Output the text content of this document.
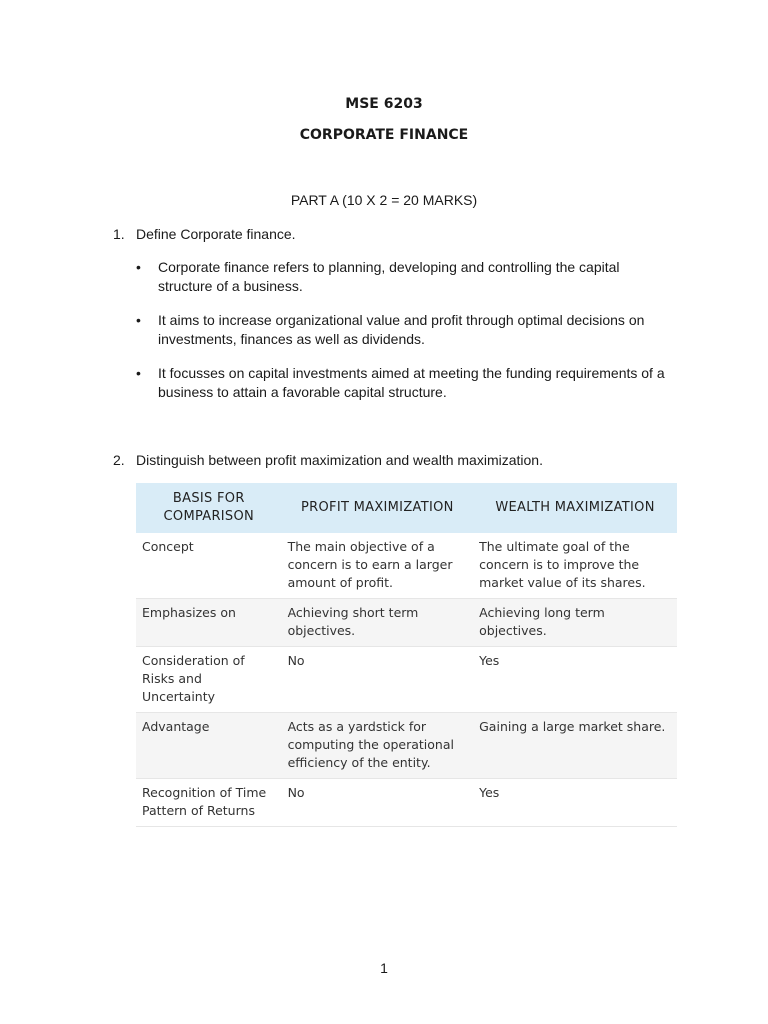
MSE 6203
CORPORATE FINANCE
PART A (10 X 2 = 20 MARKS)
1. Define Corporate finance.
• Corporate finance refers to planning, developing and controlling the capital structure of a business.
• It aims to increase organizational value and profit through optimal decisions on investments, finances as well as dividends.
• It focusses on capital investments aimed at meeting the funding requirements of a business to attain a favorable capital structure.
2. Distinguish between profit maximization and wealth maximization.
BASIS FOR COMPARISON	PROFIT MAXIMIZATION	WEALTH MAXIMIZATION
Concept	The main objective of a concern is to earn a larger amount of profit.	The ultimate goal of the concern is to improve the market value of its shares.
Emphasizes on	Achieving short term objectives.	Achieving long term objectives.
Consideration of Risks and Uncertainty	No	Yes
Advantage	Acts as a yardstick for computing the operational efficiency of the entity.	Gaining a large market share.
Recognition of Time Pattern of Returns	No	Yes
1
